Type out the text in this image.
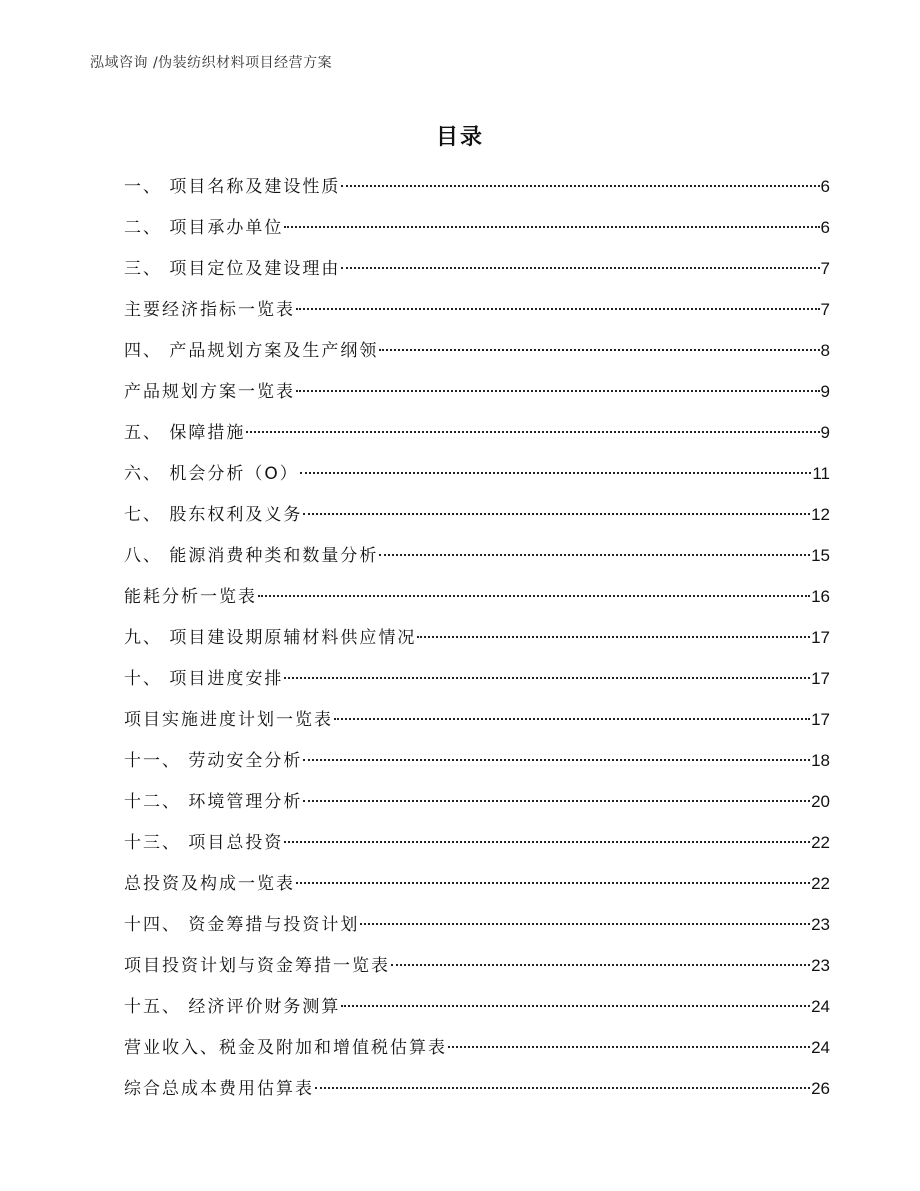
泓域咨询 /伪装纺织材料项目经营方案
目录
一、 项目名称及建设性质	6
二、 项目承办单位	6
三、 项目定位及建设理由	7
主要经济指标一览表	7
四、 产品规划方案及生产纲领	8
产品规划方案一览表	9
五、 保障措施	9
六、 机会分析（O）	11
七、 股东权利及义务	12
八、 能源消费种类和数量分析	15
能耗分析一览表	16
九、 项目建设期原辅材料供应情况	17
十、 项目进度安排	17
项目实施进度计划一览表	17
十一、 劳动安全分析	18
十二、 环境管理分析	20
十三、 项目总投资	22
总投资及构成一览表	22
十四、 资金筹措与投资计划	23
项目投资计划与资金筹措一览表	23
十五、 经济评价财务测算	24
营业收入、税金及附加和增值税估算表	24
综合总成本费用估算表	26
